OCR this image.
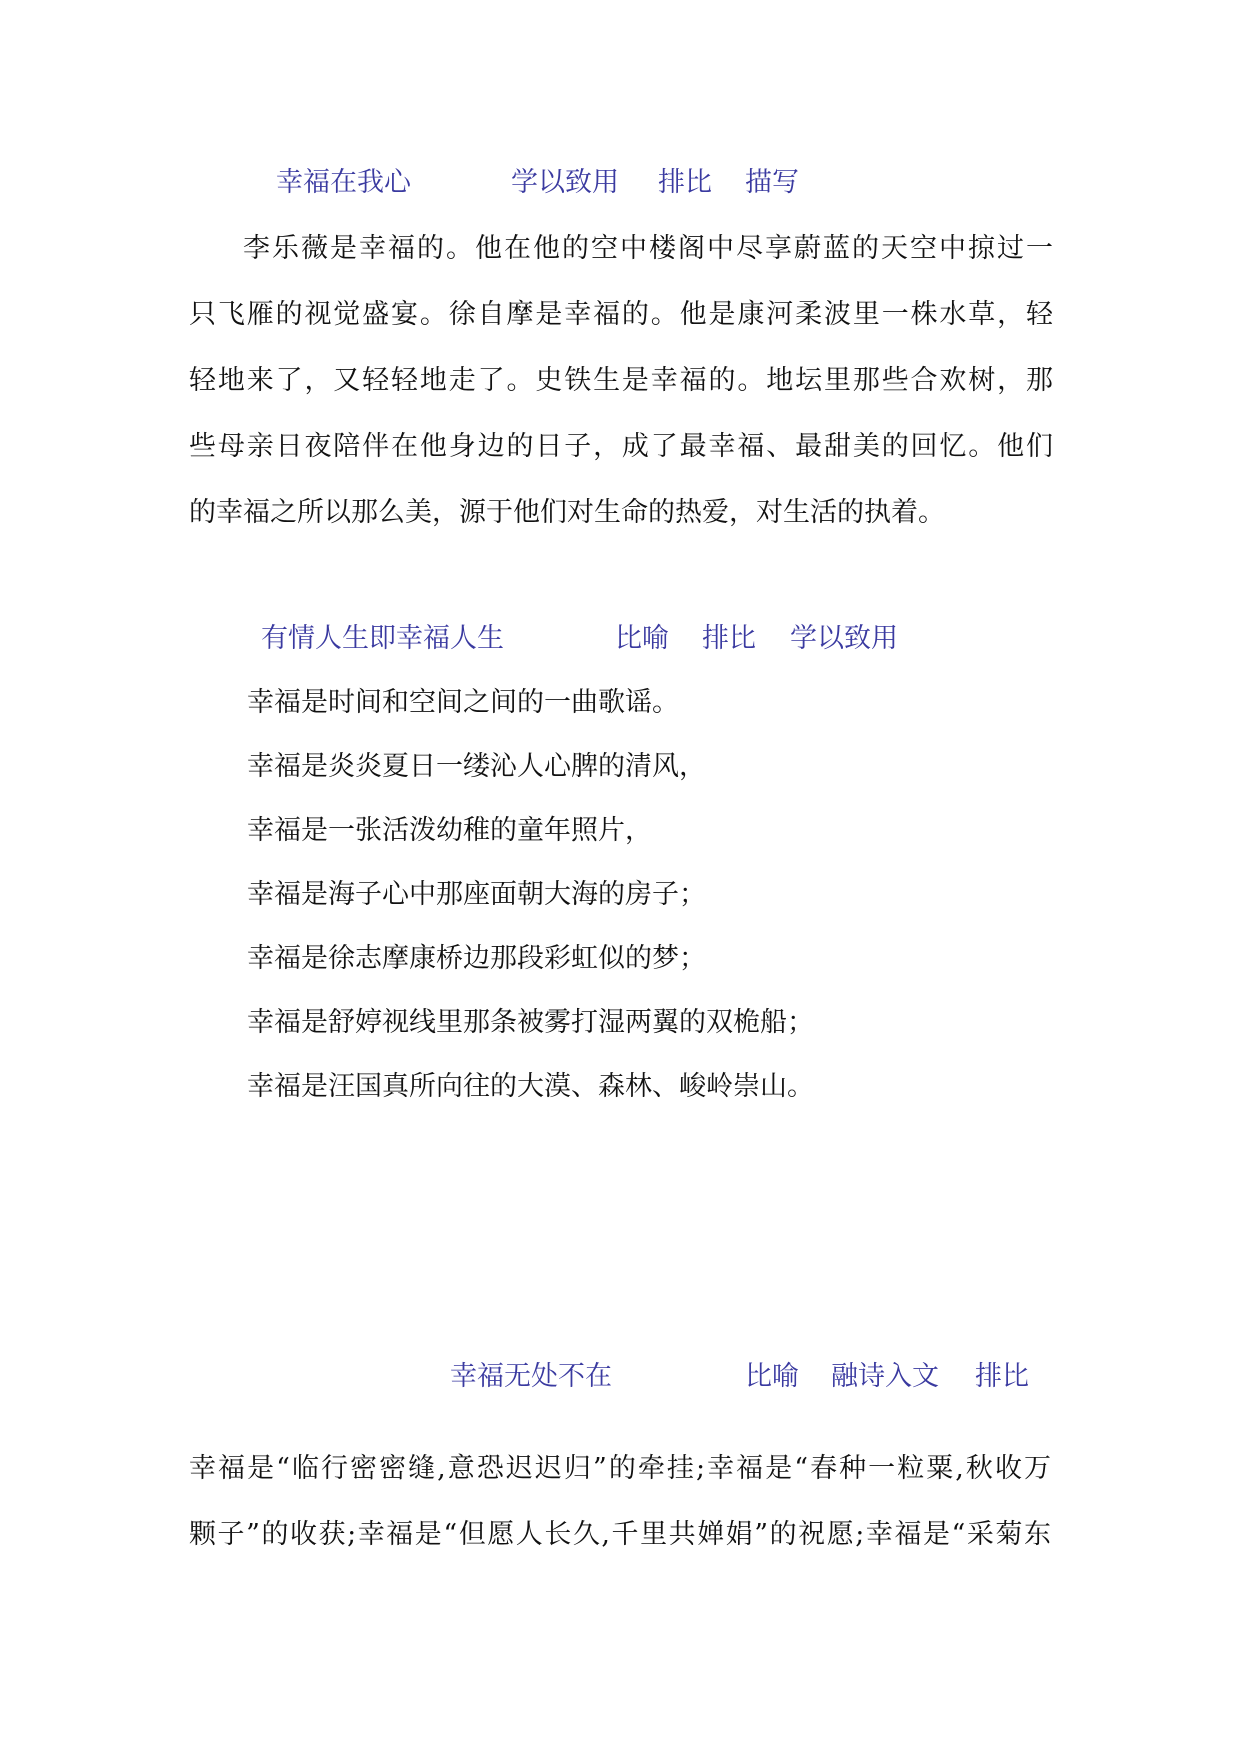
幸福在我心	学以致用 排比 描写
李乐薇是幸福的。他在他的空中楼阁中尽享蔚蓝的天空中掠过一
只飞雁的视觉盛宴。徐自摩是幸福的。他是康河柔波里一株水草，轻
轻地来了，又轻轻地走了。史铁生是幸福的。地坛里那些合欢树，那
些母亲日夜陪伴在他身边的日子，成了最幸福、最甜美的回忆。他们
的幸福之所以那么美，源于他们对生命的热爱，对生活的执着。
有情人生即幸福人生	比喻 排比 学以致用
幸福是时间和空间之间的一曲歌谣。
幸福是炎炎夏日一缕沁人心脾的清风，
幸福是一张活泼幼稚的童年照片，
幸福是海子心中那座面朝大海的房子；
幸福是徐志摩康桥边那段彩虹似的梦；
幸福是舒婷视线里那条被雾打湿两翼的双桅船；
幸福是汪国真所向往的大漠、森林、峻岭崇山。
幸福无处不在	比喻 融诗入文 排比
幸福是“临行密密缝,意恐迟迟归”的牵挂;幸福是“春种一粒粟,秋收万
颗子”的收获;幸福是“但愿人长久,千里共婵娟”的祝愿;幸福是“采菊东
